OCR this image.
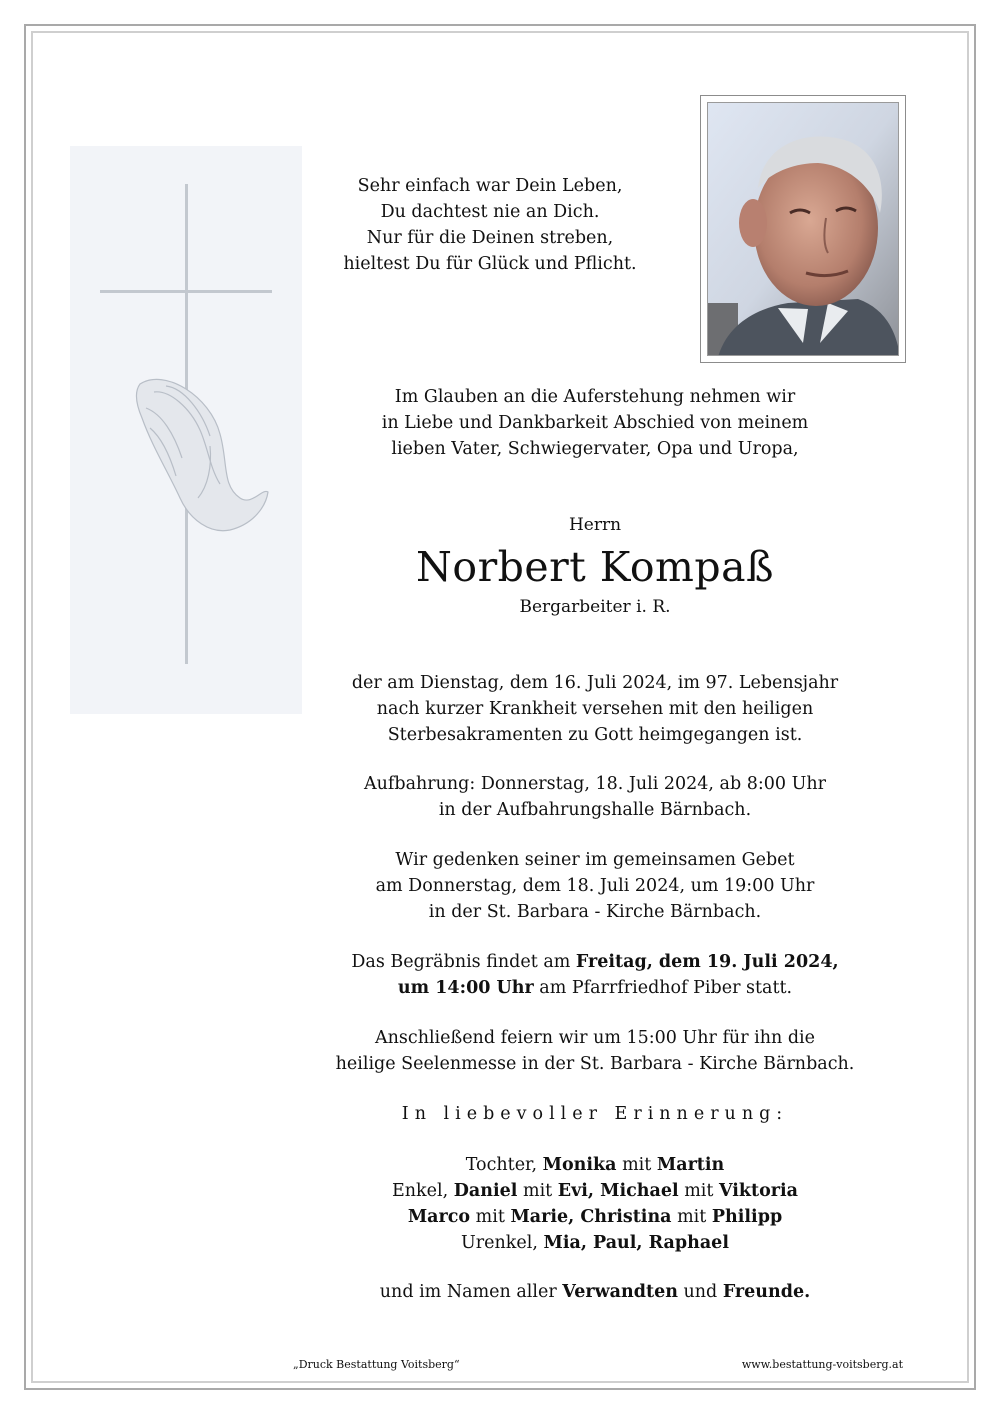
Sehr einfach war Dein Leben,
Du dachtest nie an Dich.
Nur für die Deinen streben,
hieltest Du für Glück und Pflicht.
Im Glauben an die Auferstehung nehmen wir
in Liebe und Dankbarkeit Abschied von meinem
lieben Vater, Schwiegervater, Opa und Uropa,
Herrn
Norbert Kompaß
Bergarbeiter i. R.
der am Dienstag, dem 16. Juli 2024, im 97. Lebensjahr
nach kurzer Krankheit versehen mit den heiligen
Sterbesakramenten zu Gott heimgegangen ist.
Aufbahrung: Donnerstag, 18. Juli 2024, ab 8:00 Uhr
in der Aufbahrungshalle Bärnbach.
Wir gedenken seiner im gemeinsamen Gebet
am Donnerstag, dem 18. Juli 2024, um 19:00 Uhr
in der St. Barbara - Kirche Bärnbach.
Das Begräbnis findet am Freitag, dem 19. Juli 2024,
um 14:00 Uhr am Pfarrfriedhof Piber statt.
Anschließend feiern wir um 15:00 Uhr für ihn die
heilige Seelenmesse in der St. Barbara - Kirche Bärnbach.
In liebevoller Erinnerung:
Tochter, Monika mit Martin
Enkel, Daniel mit Evi, Michael mit Viktoria
Marco mit Marie, Christina mit Philipp
Urenkel, Mia, Paul, Raphael
und im Namen aller Verwandten und Freunde.
„Druck Bestattung Voitsberg“	www.bestattung-voitsberg.at
